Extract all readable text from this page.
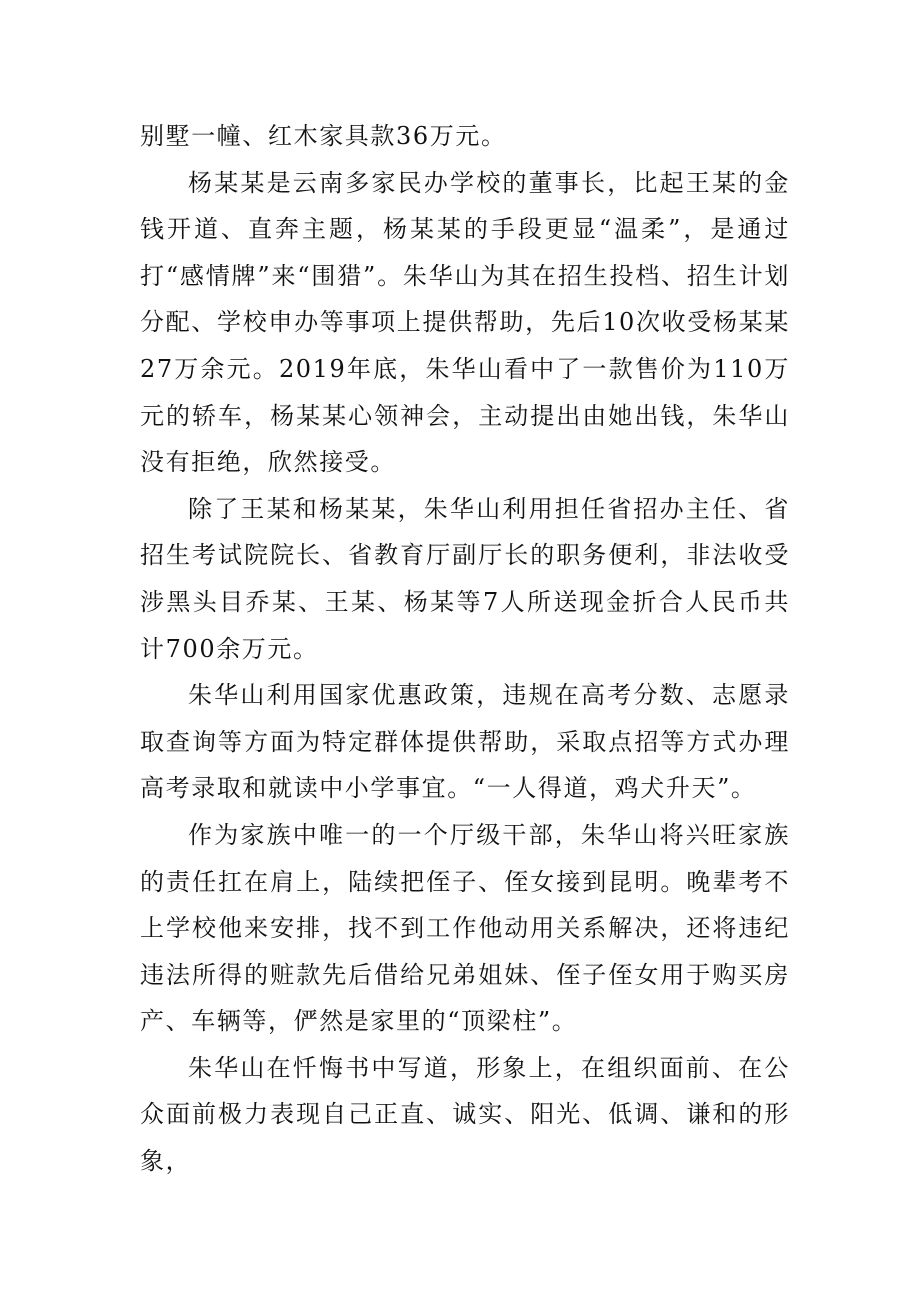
别墅一幢、红木家具款36万元。

杨某某是云南多家民办学校的董事长，比起王某的金钱开道、直奔主题，杨某某的手段更显“温柔”，是通过打“感情牌”来“围猎”。朱华山为其在招生投档、招生计划分配、学校申办等事项上提供帮助，先后10次收受杨某某27万余元。2019年底，朱华山看中了一款售价为110万元的轿车，杨某某心领神会，主动提出由她出钱，朱华山没有拒绝，欣然接受。

除了王某和杨某某，朱华山利用担任省招办主任、省招生考试院院长、省教育厅副厅长的职务便利，非法收受涉黑头目乔某、王某、杨某等7人所送现金折合人民币共计700余万元。

朱华山利用国家优惠政策，违规在高考分数、志愿录取查询等方面为特定群体提供帮助，采取点招等方式办理高考录取和就读中小学事宜。“一人得道，鸡犬升天”。

作为家族中唯一的一个厅级干部，朱华山将兴旺家族的责任扛在肩上，陆续把侄子、侄女接到昆明。晚辈考不上学校他来安排，找不到工作他动用关系解决，还将违纪违法所得的赃款先后借给兄弟姐妹、侄子侄女用于购买房产、车辆等，俨然是家里的“顶梁柱”。

朱华山在忏悔书中写道，形象上，在组织面前、在公众面前极力表现自己正直、诚实、阳光、低调、谦和的形象，
